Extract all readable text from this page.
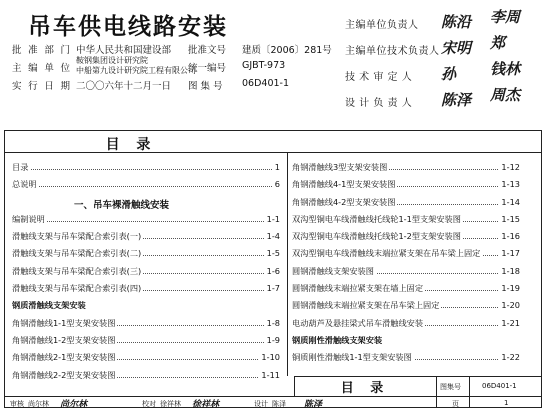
吊车供电线路安装
批准部门 中华人民共和国建设部 批准文号 建质〔2006〕281号
主编单位
鞍钢集团设计研究院
中船第九设计研究院工程有限公司
统一编号 GJBT-973
实行日期 二〇〇六年十二月一日 图 集 号 06D401-1
主编单位负责人 陈沿 李周
主编单位技术负责人 宋明 郑
技 术 审 定 人 孙 钱林
设 计 负 责 人 陈泽 周杰
目 录
目录	1
总说明	6
一、吊车裸滑触线安装
编制说明	1-1
滑触线支架与吊车梁配合索引表(一)	1-4
滑触线支架与吊车梁配合索引表(二)	1-5
滑触线支架与吊车梁配合索引表(三)	1-6
滑触线支架与吊车梁配合索引表(四)	1-7
钢质滑触线支架安装
角钢滑触线1-1型支架安装图	1-8
角钢滑触线1-2型支架安装图	1-9
角钢滑触线2-1型支架安装图	1-10
角钢滑触线2-2型支架安装图	1-11
角钢滑触线3型支架安装图	1-12
角钢滑触线4-1型支架安装图	1-13
角钢滑触线4-2型支架安装图	1-14
双沟型铜电车线滑触线托线轮1-1型支架安装图	1-15
双沟型铜电车线滑触线托线轮1-2型支架安装图	1-16
双沟型铜电车线滑触线末端拉紧支架在吊车梁上固定	1-17
圆钢滑触线支架安装图	1-18
圆钢滑触线末端拉紧支架在墙上固定	1-19
圆钢滑触线末端拉紧支架在吊车梁上固定	1-20
电动葫芦及悬挂梁式吊车滑触线安装	1-21
钢质刚性滑触线支架安装
铜质刚性滑触线1-1型支架安装图	1-22
目 录	图集号	06D401-1
审核 尚尔林 尚尔林	校对 徐祥林 徐祥林	设计 陈泽 陈泽	页	1
